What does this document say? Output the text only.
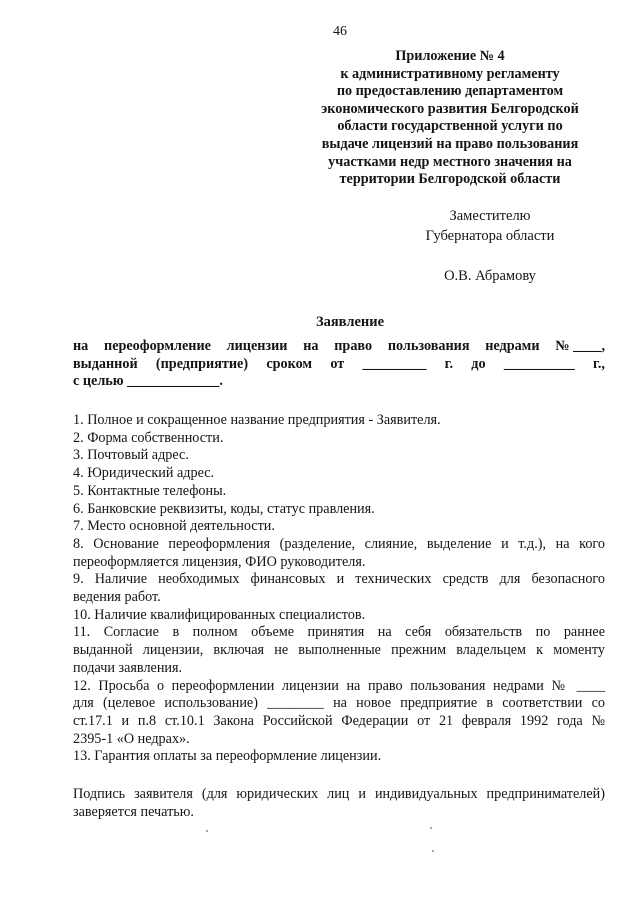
46
Приложение № 4
к административному регламенту
по предоставлению департаментом
экономического развития Белгородской
области государственной услуги по
выдаче лицензий на право пользования
участками недр местного значения на
территории Белгородской области
Заместителю
Губернатора области
О.В. Абрамову
Заявление
на переоформление лицензии на право пользования недрами № ____,
выданной (предприятие) сроком от _________ г. до __________ г.,
с целью _____________.
1. Полное и сокращенное название предприятия - Заявителя.
2. Форма собственности.
3. Почтовый адрес.
4. Юридический адрес.
5. Контактные телефоны.
6. Банковские реквизиты, коды, статус правления.
7. Место основной деятельности.
8. Основание переоформления (разделение, слияние, выделение и т.д.), на кого
переоформляется лицензия, ФИО руководителя.
9. Наличие необходимых финансовых и технических средств для безопасного
ведения работ.
10. Наличие квалифицированных специалистов.
11. Согласие в полном объеме принятия на себя обязательств по раннее
выданной лицензии, включая не выполненные прежним владельцем к моменту
подачи заявления.
12. Просьба о переоформлении лицензии на право пользования недрами № ____
для (целевое использование) ________ на новое предприятие в соответствии со
ст.17.1 и п.8 ст.10.1 Закона Российской Федерации от 21 февраля 1992 года №
2395-1 «О недрах».
13. Гарантия оплаты за переоформление лицензии.
Подпись заявителя (для юридических лиц и индивидуальных предпринимателей)
заверяется печатью.
